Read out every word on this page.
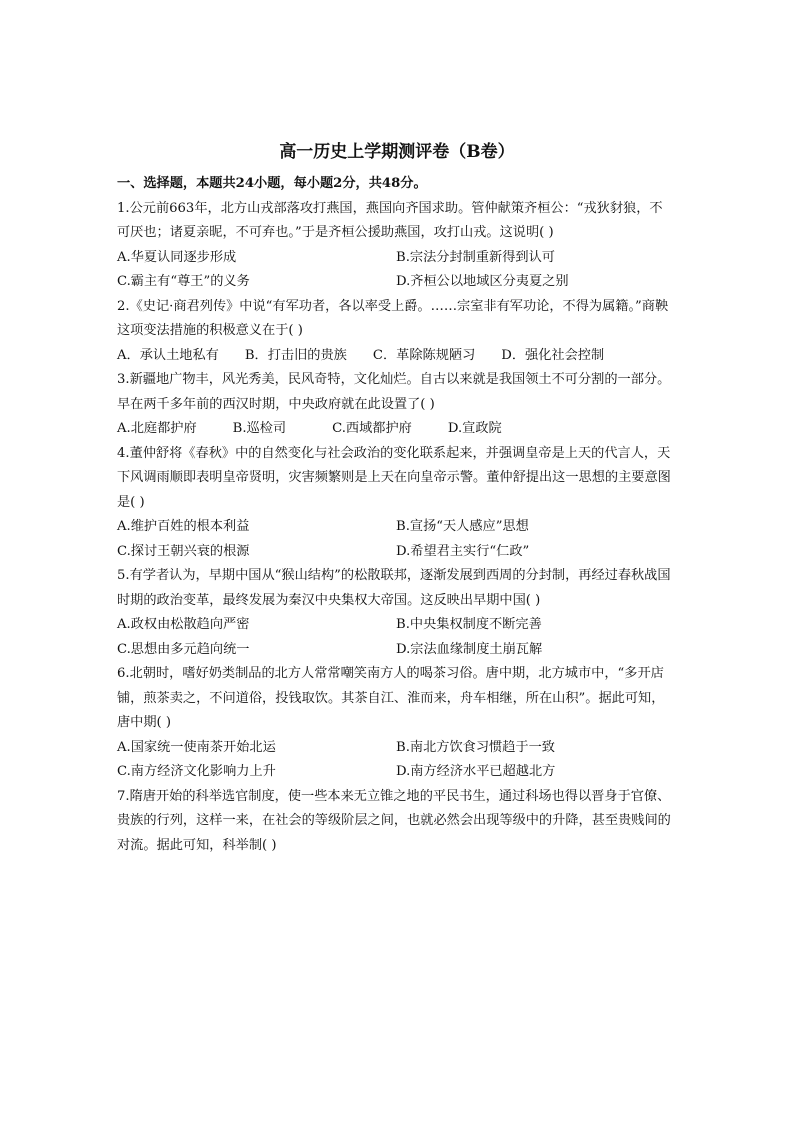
高一历史上学期测评卷（B卷）
一、选择题，本题共24小题，每小题2分，共48分。
1.公元前663年，北方山戎部落攻打燕国，燕国向齐国求助。管仲献策齐桓公：“戎狄豺狼，不可厌也；诸夏亲昵，不可弃也。”于是齐桓公援助燕国，攻打山戎。这说明( )
A.华夏认同逐步形成	B.宗法分封制重新得到认可
C.霸主有“尊王”的义务	D.齐桓公以地域区分夷夏之别
2.《史记·商君列传》中说“有军功者，各以率受上爵。……宗室非有军功论，不得为属籍。”商鞅这项变法措施的积极意义在于( )
A．承认土地私有 B．打击旧的贵族 C．革除陈规陋习 D．强化社会控制
3.新疆地广物丰，风光秀美，民风奇特，文化灿烂。自古以来就是我国领土不可分割的一部分。早在两千多年前的西汉时期，中央政府就在此设置了( )
A.北庭都护府	B.巡检司	C.西域都护府	D.宣政院
4.董仲舒将《春秋》中的自然变化与社会政治的变化联系起来，并强调皇帝是上天的代言人，天下风调雨顺即表明皇帝贤明，灾害频繁则是上天在向皇帝示警。董仲舒提出这一思想的主要意图是( )
A.维护百姓的根本利益	B.宣扬“天人感应”思想
C.探讨王朝兴衰的根源	D.希望君主实行“仁政”
5.有学者认为，早期中国从“猴山结构”的松散联邦，逐渐发展到西周的分封制，再经过春秋战国时期的政治变革，最终发展为秦汉中央集权大帝国。这反映出早期中国( )
A.政权由松散趋向严密	B.中央集权制度不断完善
C.思想由多元趋向统一	D.宗法血缘制度土崩瓦解
6.北朝时，嗜好奶类制品的北方人常常嘲笑南方人的喝茶习俗。唐中期，北方城市中，“多开店铺，煎茶卖之，不问道俗，投钱取饮。其茶自江、淮而来，舟车相继，所在山积”。据此可知，唐中期( )
A.国家统一使南茶开始北运	B.南北方饮食习惯趋于一致
C.南方经济文化影响力上升	D.南方经济水平已超越北方
7.隋唐开始的科举选官制度，使一些本来无立锥之地的平民书生，通过科场也得以晋身于官僚、贵族的行列，这样一来，在社会的等级阶层之间，也就必然会出现等级中的升降，甚至贵贱间的对流。据此可知，科举制( )
